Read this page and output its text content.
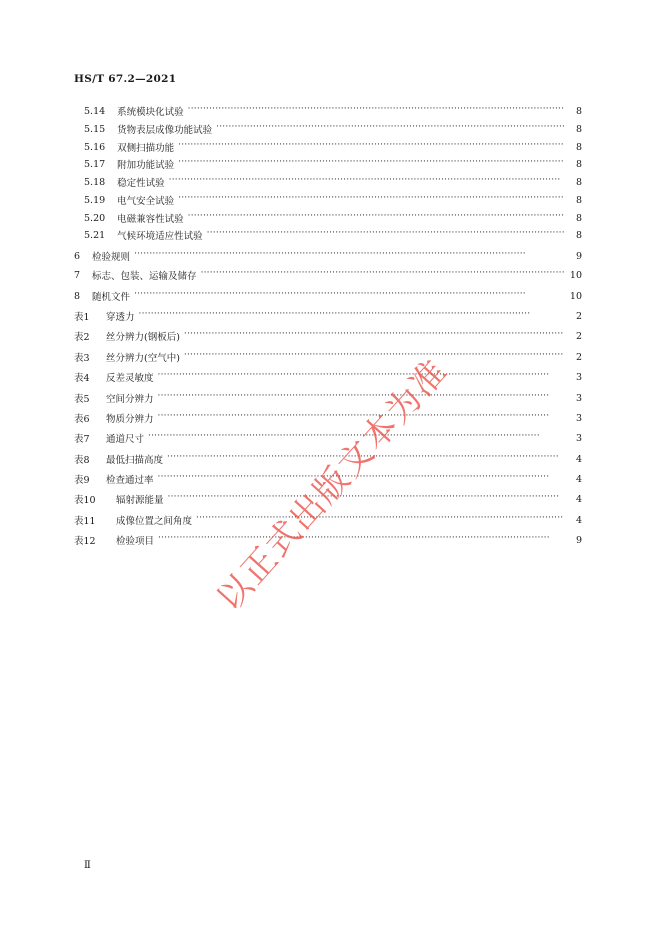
HS/T 67.2—2021
5.14 系统模块化试验 ·····	8
5.15 货物表层成像功能试验 ·····	8
5.16 双侧扫描功能 ·····	8
5.17 附加功能试验 ·····	8
5.18 稳定性试验 ·····	8
5.19 电气安全试验 ·····	8
5.20 电磁兼容性试验 ·····	8
5.21 气候环境适应性试验 ·····	8
6 检验规则 ·····	9
7 标志、包装、运输及储存 ·····	10
8 随机文件 ·····	10
表1	穿透力 ·····	2
表2	丝分辨力(钢板后) ·····	2
表3	丝分辨力(空气中) ·····	2
表4	反差灵敏度 ·····	3
表5	空间分辨力 ·····	3
表6	物质分辨力 ·····	3
表7	通道尺寸 ·····	3
表8	最低扫描高度 ·····	4
表9	检查通过率 ·····	4
表10	辐射源能量 ·····	4
表11	成像位置之间角度 ·····	4
表12	检验项目 ·····	9
以正式出版文本为准
Ⅱ
